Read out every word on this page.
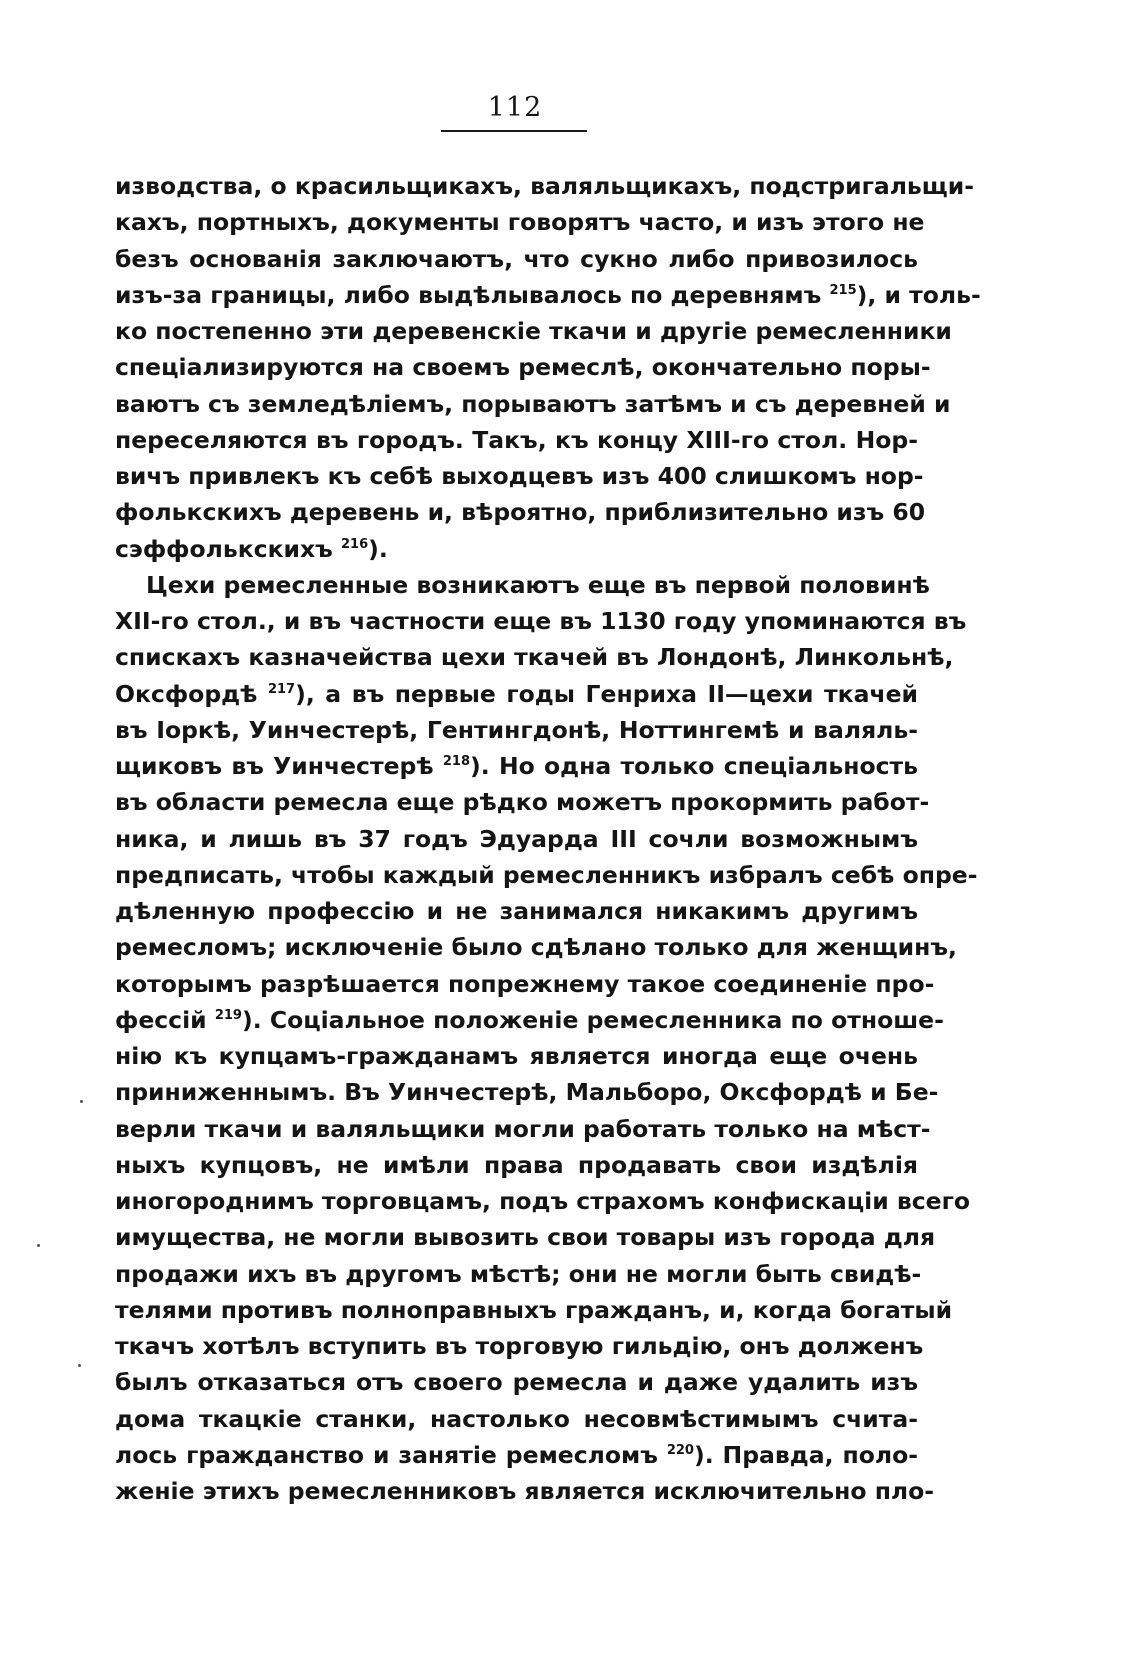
112
изводства, о красильщикахъ, валяльщикахъ, подстригальщи-
кахъ, портныхъ, документы говорятъ часто, и изъ этого не
безъ основанія заключаютъ, что сукно либо привозилось
изъ-за границы, либо выдѣлывалось по деревнямъ $^{215}$), и толь-
ко постепенно эти деревенскіе ткачи и другіе ремесленники
спеціализируются на своемъ ремеслѣ, окончательно поры-
ваютъ съ земледѣліемъ, порываютъ затѣмъ и съ деревней и
переселяются въ городъ. Такъ, къ концу XIII-го стол. Нор-
вичъ привлекъ къ себѣ выходцевъ изъ 400 слишкомъ нор-
фолькскихъ деревень и, вѣроятно, приблизительно изъ 60
сэффолькскихъ $^{216}$).
Цехи ремесленные возникаютъ еще въ первой половинѣ
XII-го стол., и въ частности еще въ 1130 году упоминаются въ
спискахъ казначейства цехи ткачей въ Лондонѣ, Линкольнѣ,
Оксфордѣ $^{217}$), а въ первые годы Генриха II—цехи ткачей
въ Іоркѣ, Уинчестерѣ, Гентингдонѣ, Ноттингемѣ и валяль-
щиковъ въ Уинчестерѣ $^{218}$). Но одна только спеціальность
въ области ремесла еще рѣдко можетъ прокормить работ-
ника, и лишь въ 37 годъ Эдуарда III сочли возможнымъ
предписать, чтобы каждый ремесленникъ избралъ себѣ опре-
дѣленную профессію и не занимался никакимъ другимъ
ремесломъ; исключеніе было сдѣлано только для женщинъ,
которымъ разрѣшается попрежнему такое соединеніе про-
фессій $^{219}$). Соціальное положеніе ремесленника по отноше-
нію къ купцамъ-гражданамъ является иногда еще очень
приниженнымъ. Въ Уинчестерѣ, Мальборо, Оксфордѣ и Бе-
верли ткачи и валяльщики могли работать только на мѣст-
ныхъ купцовъ, не имѣли права продавать свои издѣлія
иногороднимъ торговцамъ, подъ страхомъ конфискаціи всего
имущества, не могли вывозить свои товары изъ города для
продажи ихъ въ другомъ мѣстѣ; они не могли быть свидѣ-
телями противъ полноправныхъ гражданъ, и, когда богатый
ткачъ хотѣлъ вступить въ торговую гильдію, онъ долженъ
былъ отказаться отъ своего ремесла и даже удалить изъ
дома ткацкіе станки, настолько несовмѣстимымъ счита-
лось гражданство и занятіе ремесломъ $^{220}$). Правда, поло-
женіе этихъ ремесленниковъ является исключительно пло-
